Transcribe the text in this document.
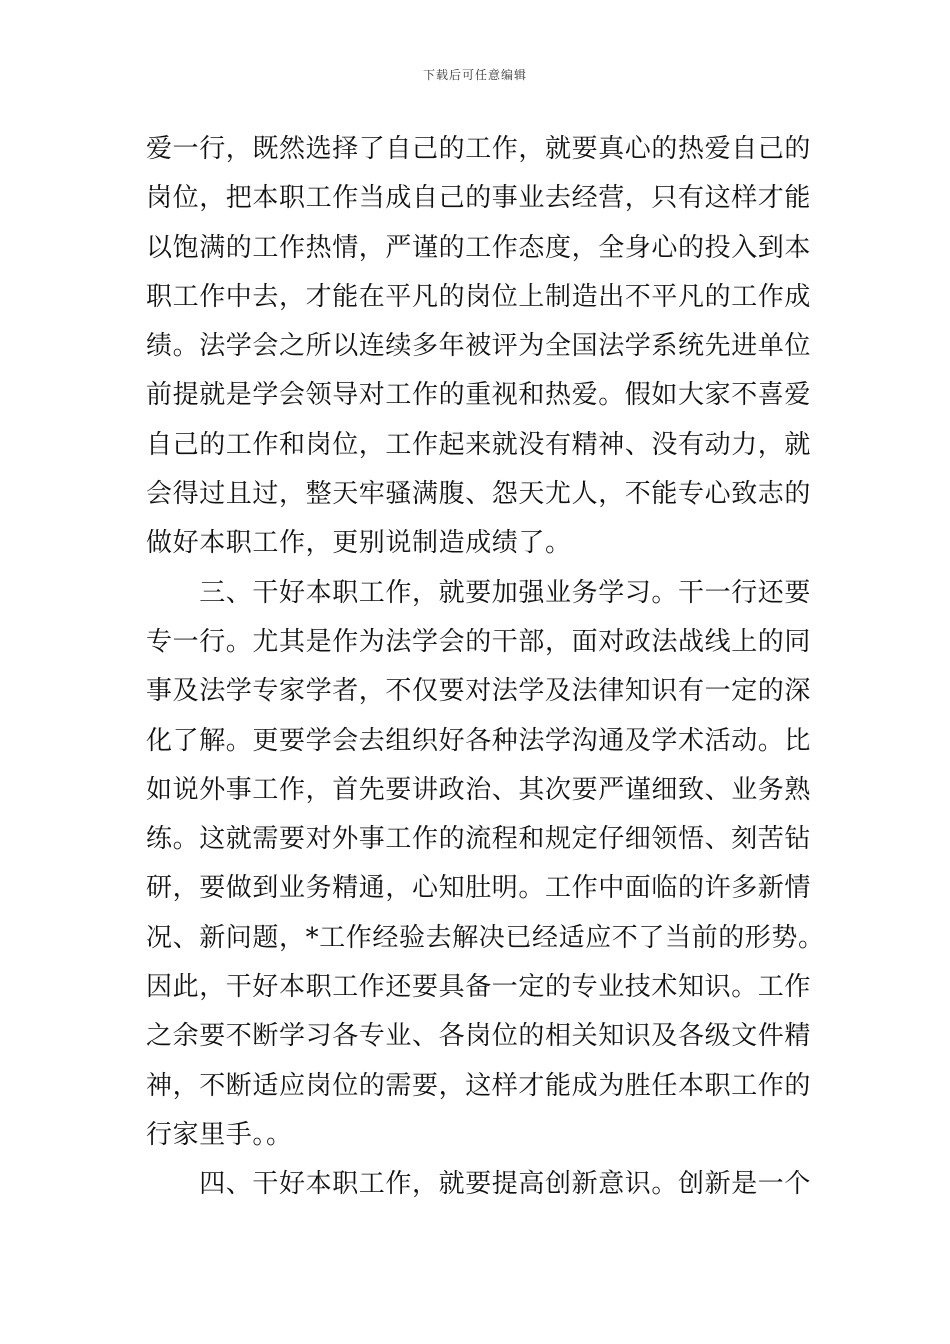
下载后可任意编辑
爱一行，既然选择了自己的工作，就要真心的热爱自己的
岗位，把本职工作当成自己的事业去经营，只有这样才能
以饱满的工作热情，严谨的工作态度，全身心的投入到本
职工作中去，才能在平凡的岗位上制造出不平凡的工作成
绩。法学会之所以连续多年被评为全国法学系统先进单位
前提就是学会领导对工作的重视和热爱。假如大家不喜爱
自己的工作和岗位，工作起来就没有精神、没有动力，就
会得过且过，整天牢骚满腹、怨天尤人，不能专心致志的
做好本职工作，更别说制造成绩了。
　　三、干好本职工作，就要加强业务学习。干一行还要
专一行。尤其是作为法学会的干部，面对政法战线上的同
事及法学专家学者，不仅要对法学及法律知识有一定的深
化了解。更要学会去组织好各种法学沟通及学术活动。比
如说外事工作，首先要讲政治、其次要严谨细致、业务熟
练。这就需要对外事工作的流程和规定仔细领悟、刻苦钻
研，要做到业务精通，心知肚明。工作中面临的许多新情
况、新问题，*工作经验去解决已经适应不了当前的形势。
因此，干好本职工作还要具备一定的专业技术知识。工作
之余要不断学习各专业、各岗位的相关知识及各级文件精
神，不断适应岗位的需要，这样才能成为胜任本职工作的
行家里手。。
　　四、干好本职工作，就要提高创新意识。创新是一个
